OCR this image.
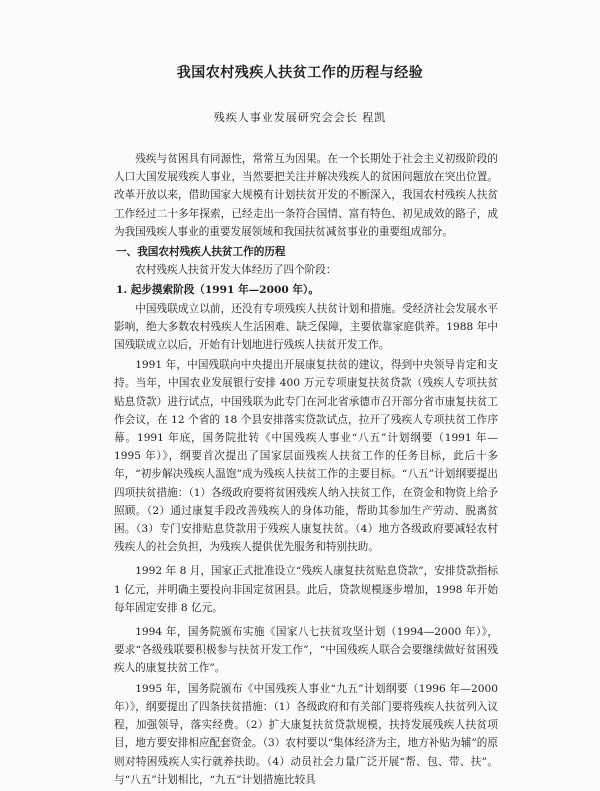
我国农村残疾人扶贫工作的历程与经验
残疾人事业发展研究会会长 程凯

残疾与贫困具有同源性，常常互为因果。在一个长期处于社会主义初级阶段的人口大国发展残疾人事业，当然要把关注并解决残疾人的贫困问题放在突出位置。改革开放以来，借助国家大规模有计划扶贫开发的不断深入，我国农村残疾人扶贫工作经过二十多年探索，已经走出一条符合国情、富有特色、初见成效的路子，成为我国残疾人事业的重要发展领域和我国扶贫减贫事业的重要组成部分。

一、我国农村残疾人扶贫工作的历程

农村残疾人扶贫开发大体经历了四个阶段：

1. 起步摸索阶段（1991 年—2000 年）。

中国残联成立以前，还没有专项残疾人扶贫计划和措施。受经济社会发展水平影响，绝大多数农村残疾人生活困难、缺乏保障，主要依靠家庭供养。1988 年中国残联成立以后，开始有计划地进行残疾人扶贫开发工作。

1991 年，中国残联向中央提出开展康复扶贫的建议，得到中央领导肯定和支持。当年，中国农业发展银行安排 400 万元专项康复扶贫贷款（残疾人专项扶贫贴息贷款）进行试点，中国残联为此专门在河北省承德市召开部分省市康复扶贫工作会议，在 12 个省的 18 个县安排落实贷款试点，拉开了残疾人专项扶贫工作序幕。1991 年底，国务院批转《中国残疾人事业“八五”计划纲要（1991 年—1995 年）》，纲要首次提出了国家层面残疾人扶贫工作的任务目标，此后十多年，“初步解决残疾人温饱”成为残疾人扶贫工作的主要目标。“八五”计划纲要提出四项扶贫措施：（1）各级政府要将贫困残疾人纳入扶贫工作，在资金和物资上给予照顾。（2）通过康复手段改善残疾人的身体功能，帮助其参加生产劳动、脱离贫困。（3）专门安排贴息贷款用于残疾人康复扶贫。（4）地方各级政府要减轻农村残疾人的社会负担，为残疾人提供优先服务和特别扶助。

1992 年 8 月，国家正式批准设立“残疾人康复扶贫贴息贷款”，安排贷款指标 1 亿元，并明确主要投向非国定贫困县。此后，贷款规模逐步增加，1998 年开始每年固定安排 8 亿元。

1994 年，国务院颁布实施《国家八七扶贫攻坚计划（1994—2000 年）》，要求“各级残联要积极参与扶贫开发工作”，“中国残疾人联合会要继续做好贫困残疾人的康复扶贫工作”。

1995 年，国务院颁布《中国残疾人事业“九五”计划纲要（1996 年—2000 年）》，纲要提出了四条扶贫措施：（1）各级政府和有关部门要将残疾人扶贫列入议程，加强领导，落实经费。（2）扩大康复扶贫贷款规模，扶持发展残疾人扶贫项目，地方要安排相应配套资金。（3）农村要以“集体经济为主，地方补贴为辅”的原则对特困残疾人实行就养扶助。（4）动员社会力量广泛开展“帮、包、带、扶”。与“八五”计划相比，“九五”计划措施比较具
